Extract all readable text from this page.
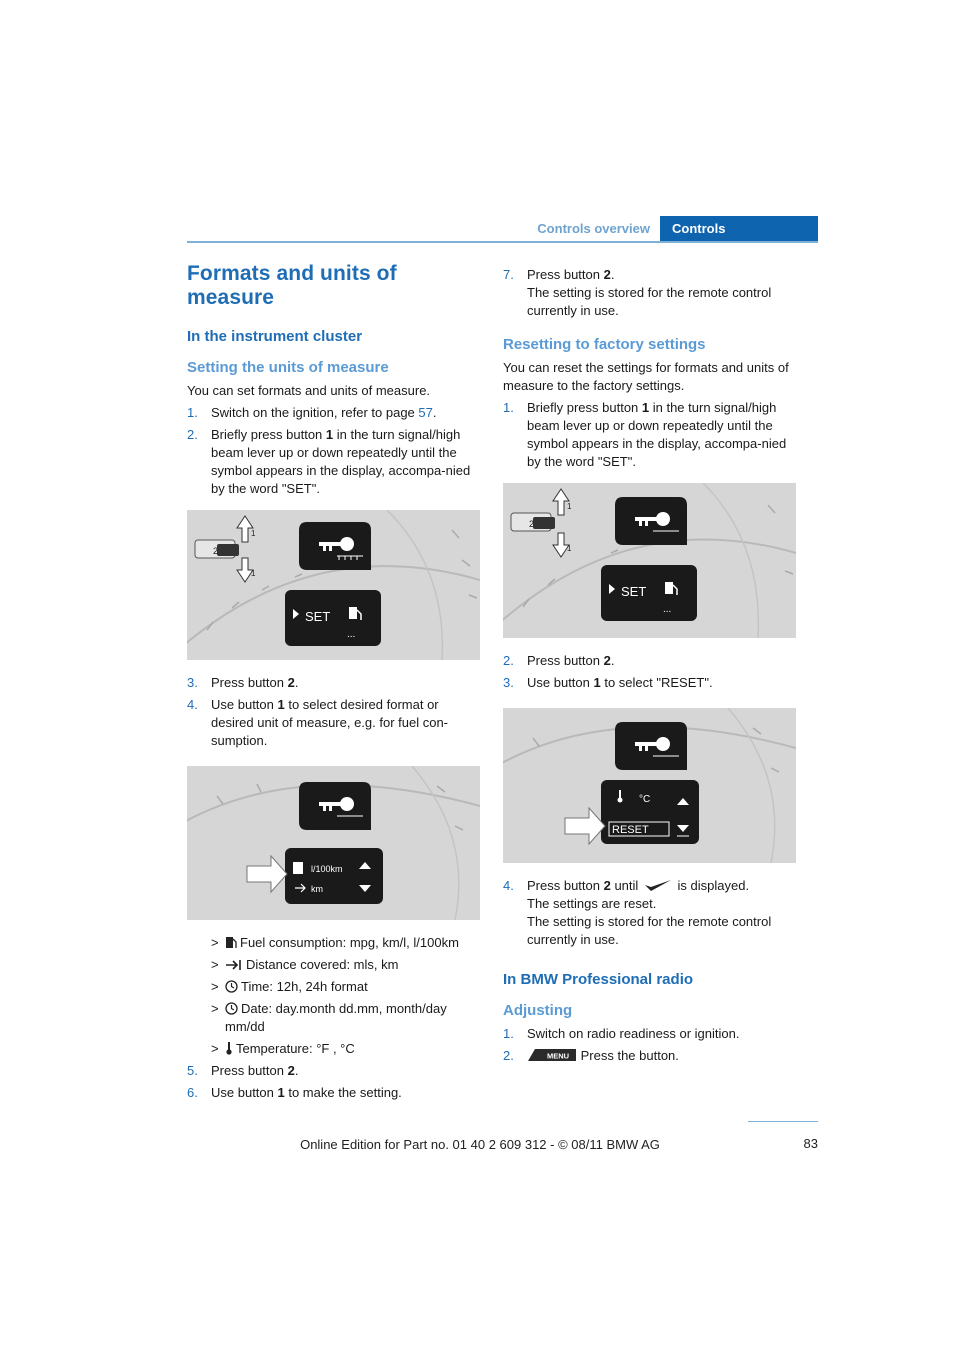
Controls overview	Controls
Formats and units of measure
In the instrument cluster
Setting the units of measure

You can set formats and units of measure.

1. Switch on the ignition, refer to page 57.
2. Briefly press button 1 in the turn signal/high beam lever up or down repeatedly until the symbol appears in the display, accompa-nied by the word "SET".
2
1
1
SET
...
3. Press button 2.
4. Use button 1 to select desired format or desired unit of measure, e.g. for fuel con-sumption.
l/100km
km
> Fuel consumption: mpg, km/l, l/100km
> Distance covered: mls, km
> Time: 12h, 24h format
> Date: day.month dd.mm, month/day mm/dd
> Temperature: °F , °C
5. Press button 2.
6. Use button 1 to make the setting.
7. Press button 2.
The setting is stored for the remote control currently in use.
Resetting to factory settings

You can reset the settings for formats and units of measure to the factory settings.

1. Briefly press button 1 in the turn signal/high beam lever up or down repeatedly until the symbol appears in the display, accompa-nied by the word "SET".
2
1
1
SET
...
2. Press button 2.
3. Use button 1 to select "RESET".
°C
RESET
4. Press button 2 until  is displayed.
The settings are reset.
The setting is stored for the remote control currently in use.
In BMW Professional radio
Adjusting
1. Switch on radio readiness or ignition.
2.	MENU Press the button.
83
Online Edition for Part no. 01 40 2 609 312 - © 08/11 BMW AG
